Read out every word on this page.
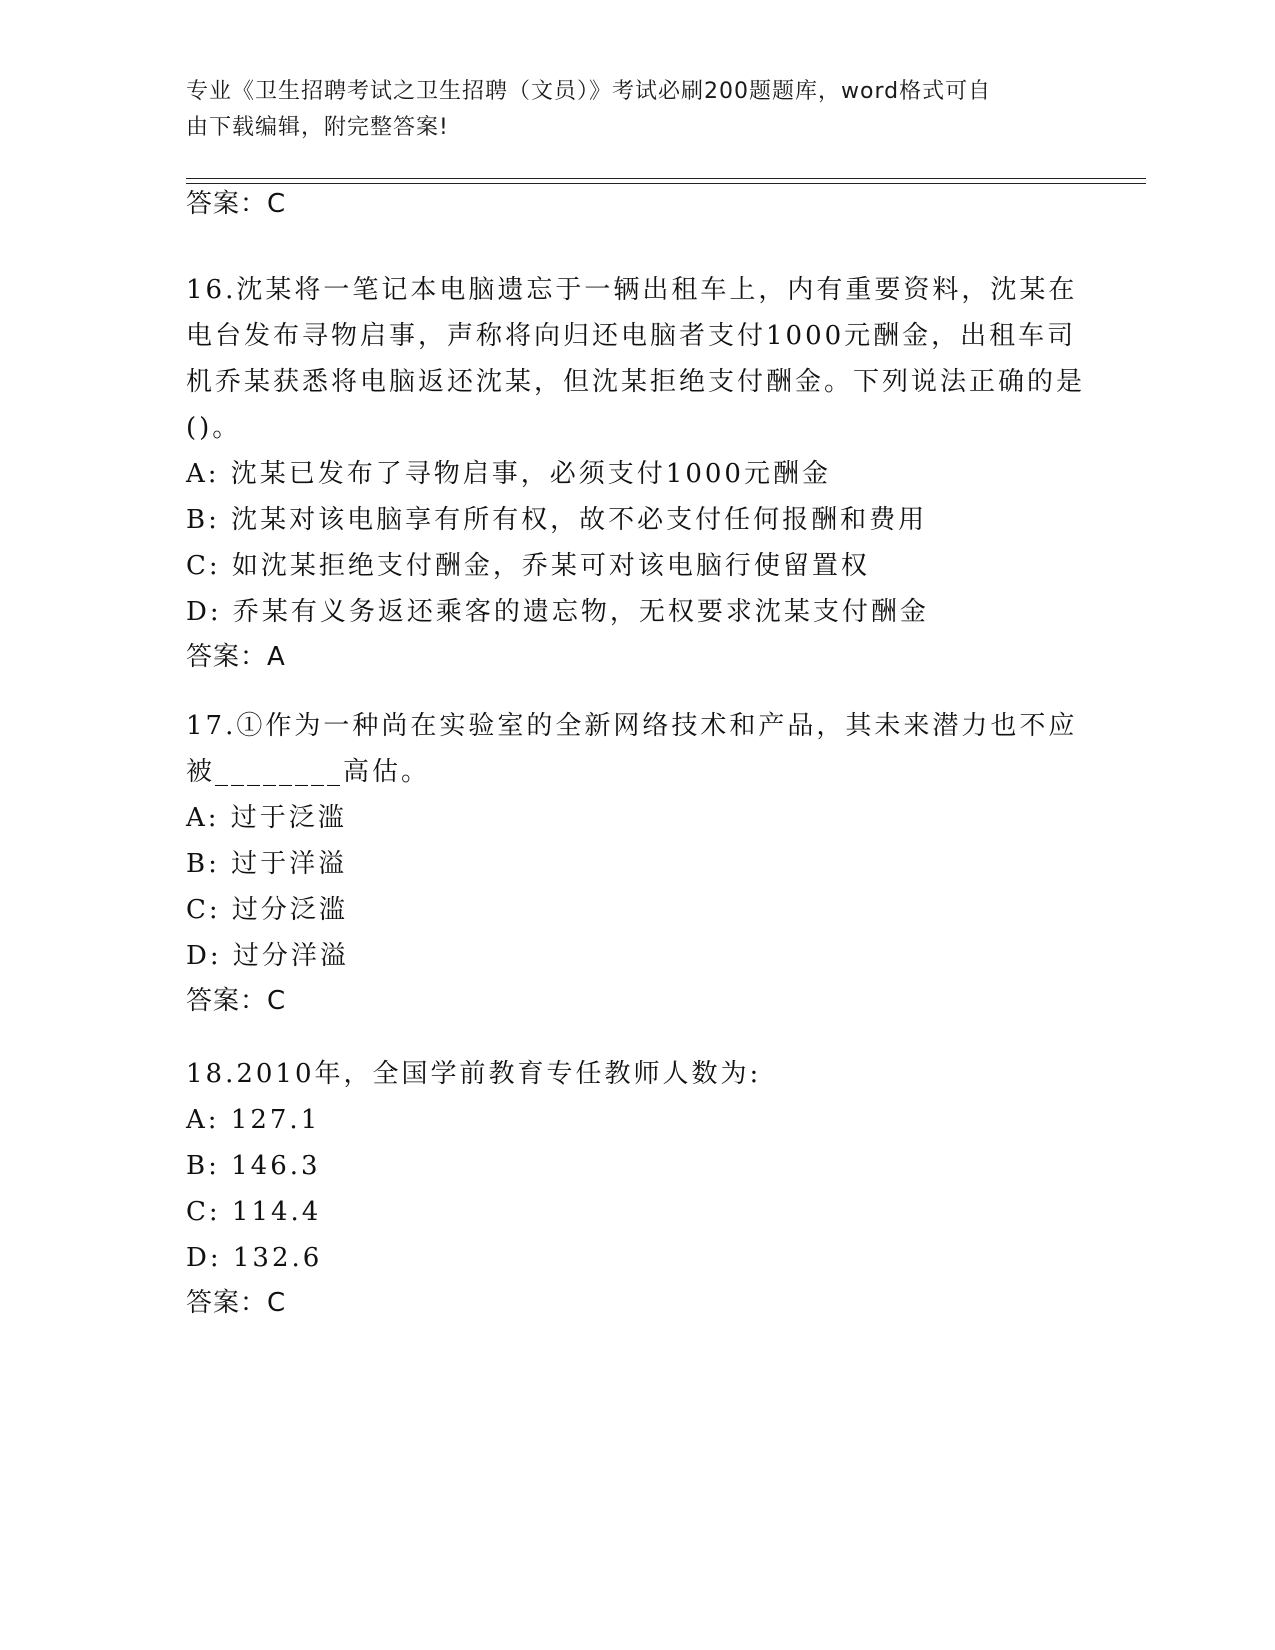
专业《卫生招聘考试之卫生招聘（文员）》考试必刷200题题库，word格式可自
由下载编辑，附完整答案!
答案：C
16.沈某将一笔记本电脑遗忘于一辆出租车上，内有重要资料，沈某在电台发布寻物启事，声称将向归还电脑者支付1000元酬金，出租车司机乔某获悉将电脑返还沈某，但沈某拒绝支付酬金。下列说法正确的是()。
A: 沈某已发布了寻物启事，必须支付1000元酬金
B: 沈某对该电脑享有所有权，故不必支付任何报酬和费用
C: 如沈某拒绝支付酬金，乔某可对该电脑行使留置权
D: 乔某有义务返还乘客的遗忘物，无权要求沈某支付酬金
答案：A
17.①作为一种尚在实验室的全新网络技术和产品，其未来潜力也不应被________高估。
A: 过于泛滥
B: 过于洋溢
C: 过分泛滥
D: 过分洋溢
答案：C
18.2010年，全国学前教育专任教师人数为:
A: 127.1
B: 146.3
C: 114.4
D: 132.6
答案：C
